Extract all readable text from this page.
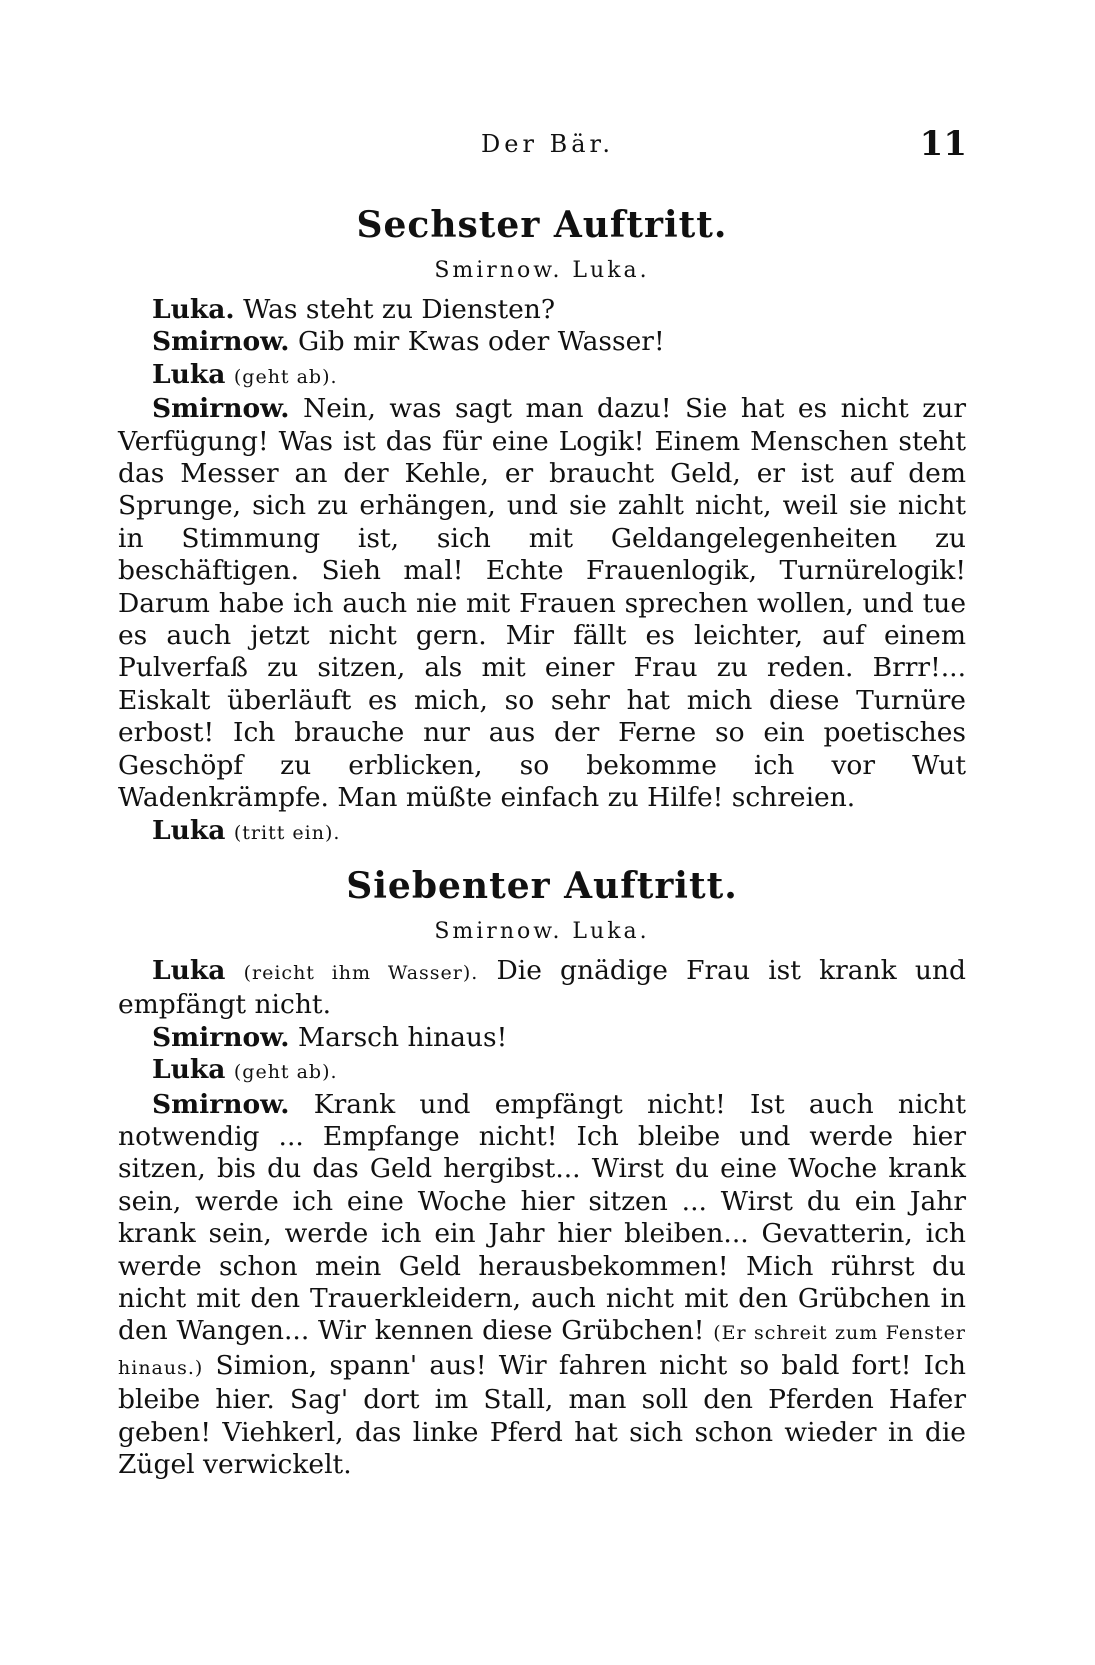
Der Bär.	11
Sechster Auftritt.
Smirnow. Luka.

Luka. Was steht zu Diensten?

Smirnow. Gib mir Kwas oder Wasser!

Luka (geht ab).

Smirnow. Nein, was sagt man dazu! Sie hat es nicht zur Verfügung! Was ist das für eine Logik! Einem Menschen steht das Messer an der Kehle, er braucht Geld, er ist auf dem Sprunge, sich zu erhängen, und sie zahlt nicht, weil sie nicht in Stimmung ist, sich mit Geldangelegenheiten zu beschäftigen. Sieh mal! Echte Frauenlogik, Turnürelogik! Darum habe ich auch nie mit Frauen sprechen wollen, und tue es auch jetzt nicht gern. Mir fällt es leichter, auf einem Pulverfaß zu sitzen, als mit einer Frau zu reden. Brrr!... Eiskalt überläuft es mich, so sehr hat mich diese Turnüre erbost! Ich brauche nur aus der Ferne so ein poetisches Geschöpf zu erblicken, so bekomme ich vor Wut Wadenkrämpfe. Man müßte einfach zu Hilfe! schreien.

Luka (tritt ein).

Siebenter Auftritt.
Smirnow. Luka.

Luka (reicht ihm Wasser). Die gnädige Frau ist krank und empfängt nicht.

Smirnow. Marsch hinaus!

Luka (geht ab).

Smirnow. Krank und empfängt nicht! Ist auch nicht notwendig ... Empfange nicht! Ich bleibe und werde hier sitzen, bis du das Geld hergibst... Wirst du eine Woche krank sein, werde ich eine Woche hier sitzen ... Wirst du ein Jahr krank sein, werde ich ein Jahr hier bleiben... Gevatterin, ich werde schon mein Geld herausbekommen! Mich rührst du nicht mit den Trauerkleidern, auch nicht mit den Grübchen in den Wangen... Wir kennen diese Grübchen! (Er schreit zum Fenster hinaus.) Simion, spann' aus! Wir fahren nicht so bald fort! Ich bleibe hier. Sag' dort im Stall, man soll den Pferden Hafer geben! Viehkerl, das linke Pferd hat sich schon wieder in die Zügel verwickelt.
